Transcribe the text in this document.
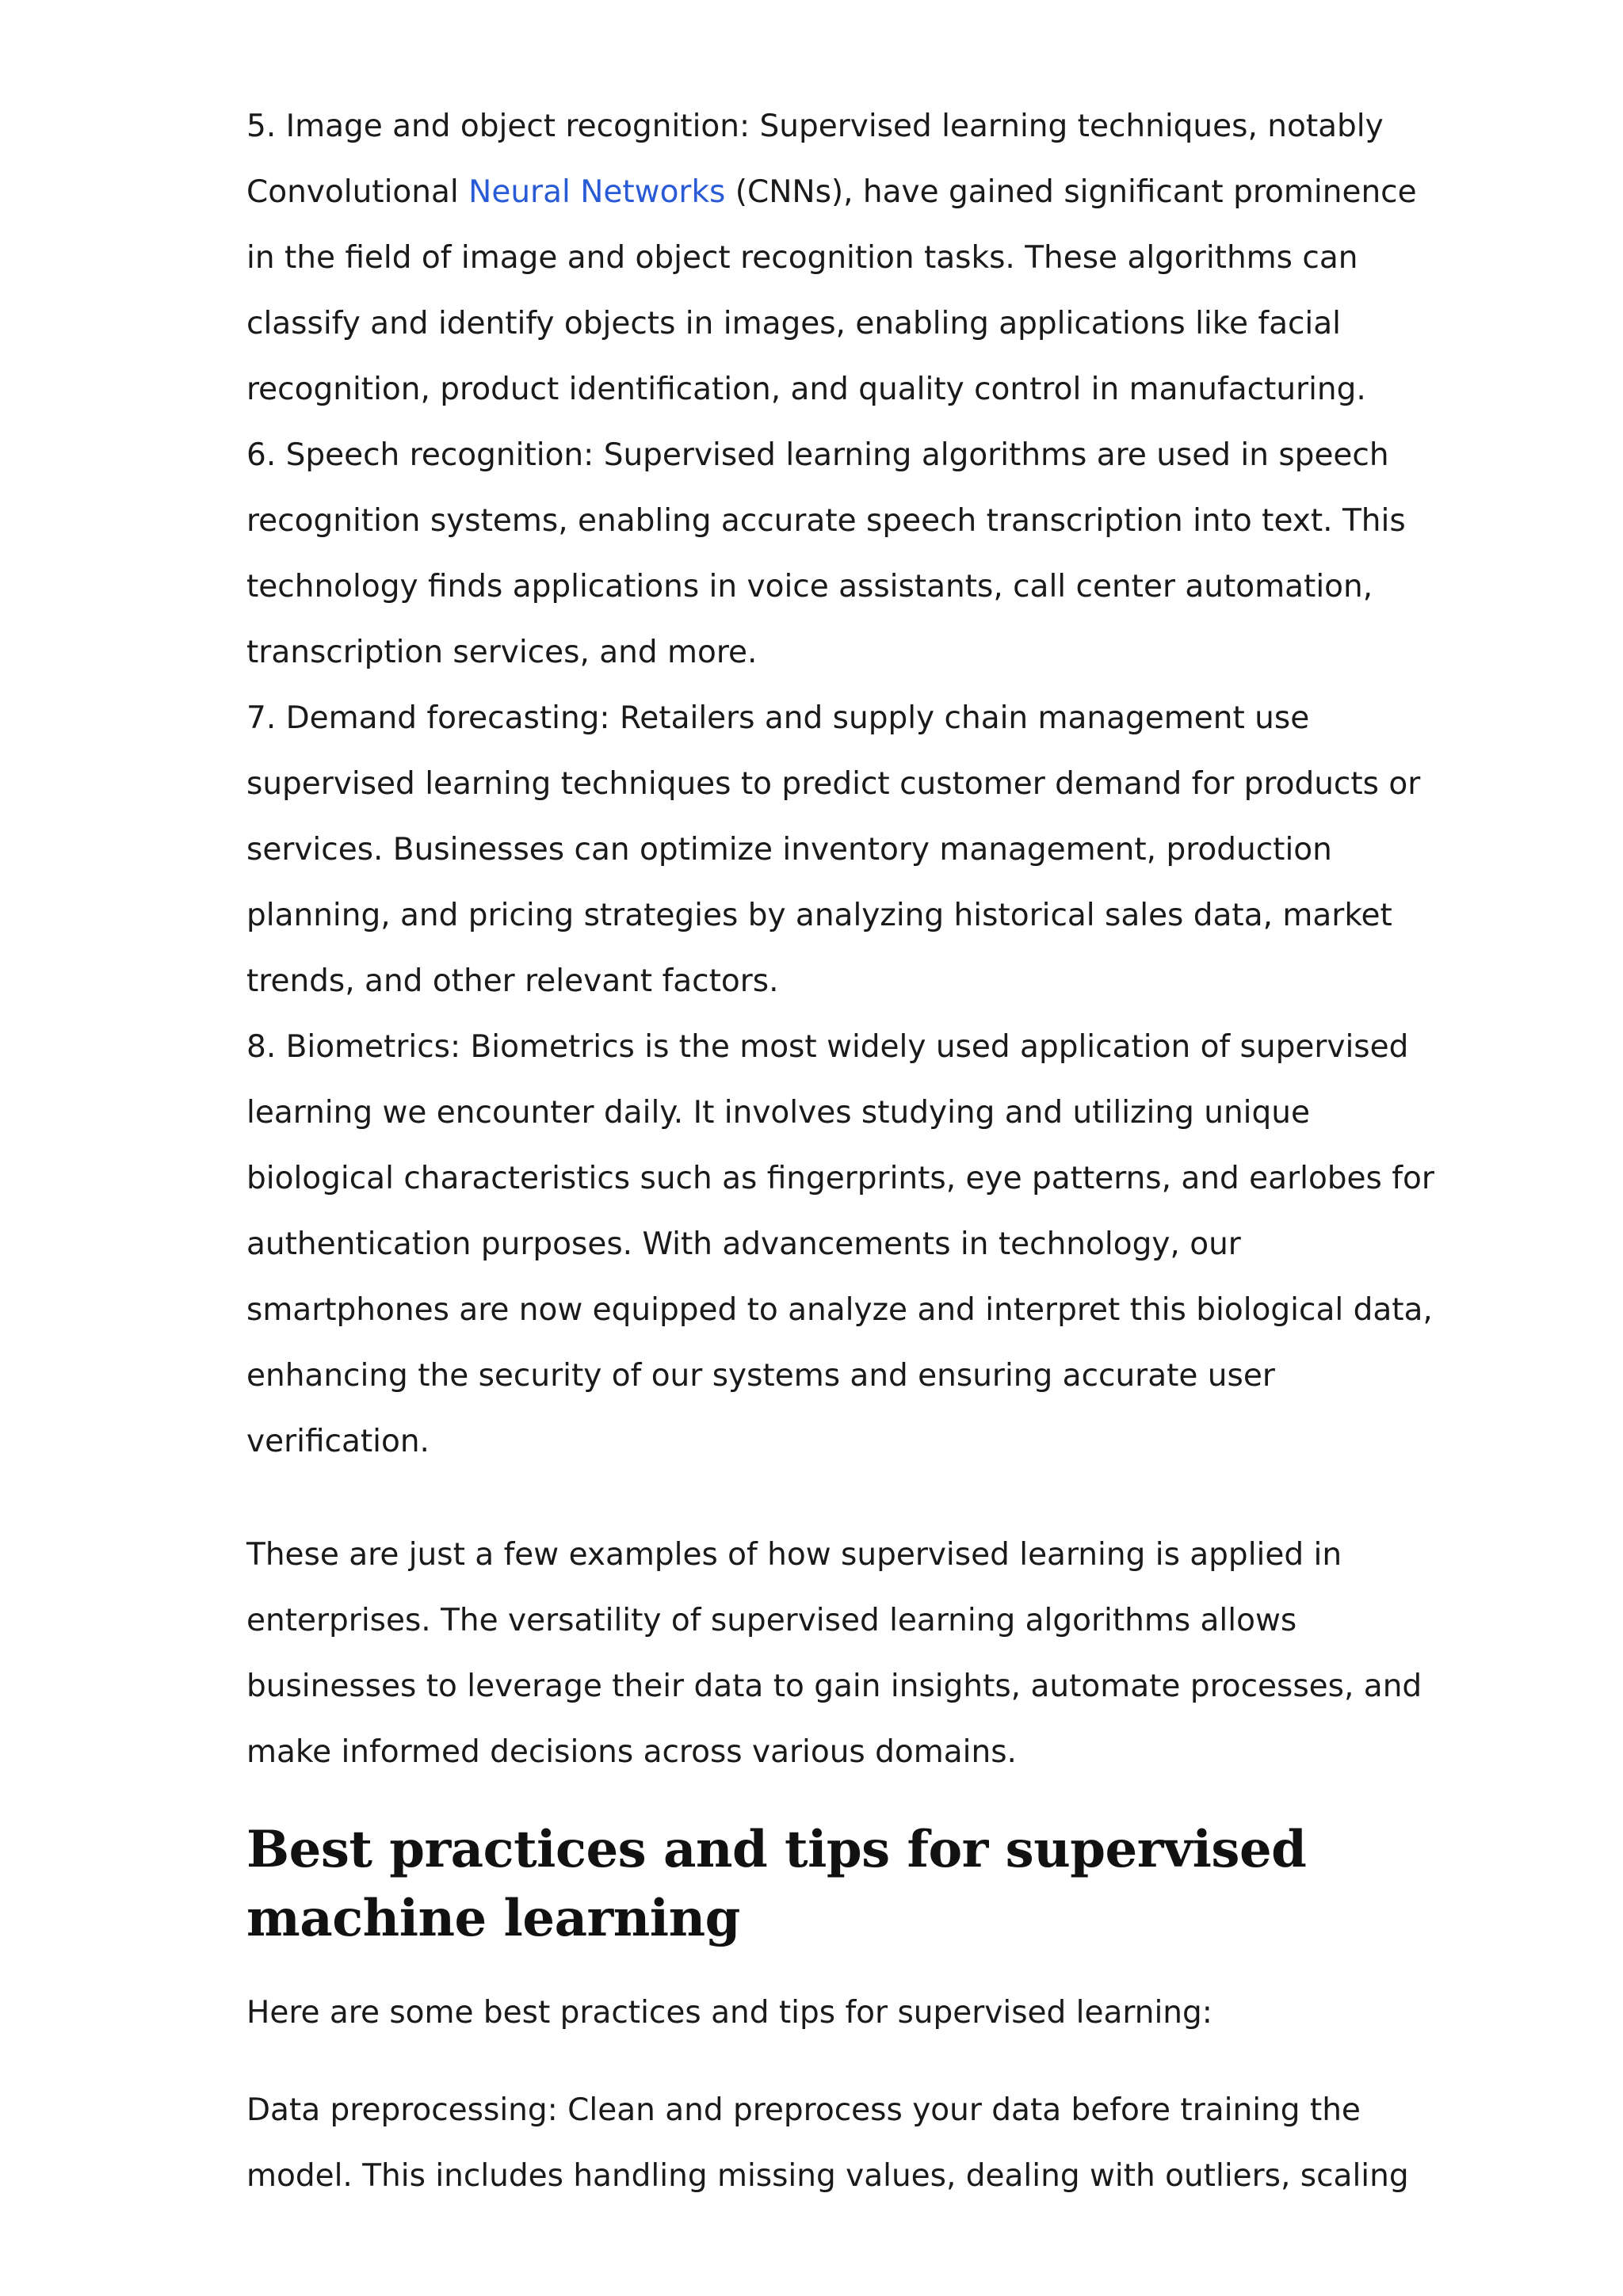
5. Image and object recognition: Supervised learning techniques, notably Convolutional Neural Networks (CNNs), have gained significant prominence in the field of image and object recognition tasks. These algorithms can classify and identify objects in images, enabling applications like facial recognition, product identification, and quality control in manufacturing.

6. Speech recognition: Supervised learning algorithms are used in speech recognition systems, enabling accurate speech transcription into text. This technology finds applications in voice assistants, call center automation, transcription services, and more.

7. Demand forecasting: Retailers and supply chain management use supervised learning techniques to predict customer demand for products or services. Businesses can optimize inventory management, production planning, and pricing strategies by analyzing historical sales data, market trends, and other relevant factors.

8. Biometrics: Biometrics is the most widely used application of supervised learning we encounter daily. It involves studying and utilizing unique biological characteristics such as fingerprints, eye patterns, and earlobes for authentication purposes. With advancements in technology, our smartphones are now equipped to analyze and interpret this biological data, enhancing the security of our systems and ensuring accurate user verification.

These are just a few examples of how supervised learning is applied in enterprises. The versatility of supervised learning algorithms allows businesses to leverage their data to gain insights, automate processes, and make informed decisions across various domains.

Best practices and tips for supervised machine learning

Here are some best practices and tips for supervised learning:

Data preprocessing: Clean and preprocess your data before training the model. This includes handling missing values, dealing with outliers, scaling
